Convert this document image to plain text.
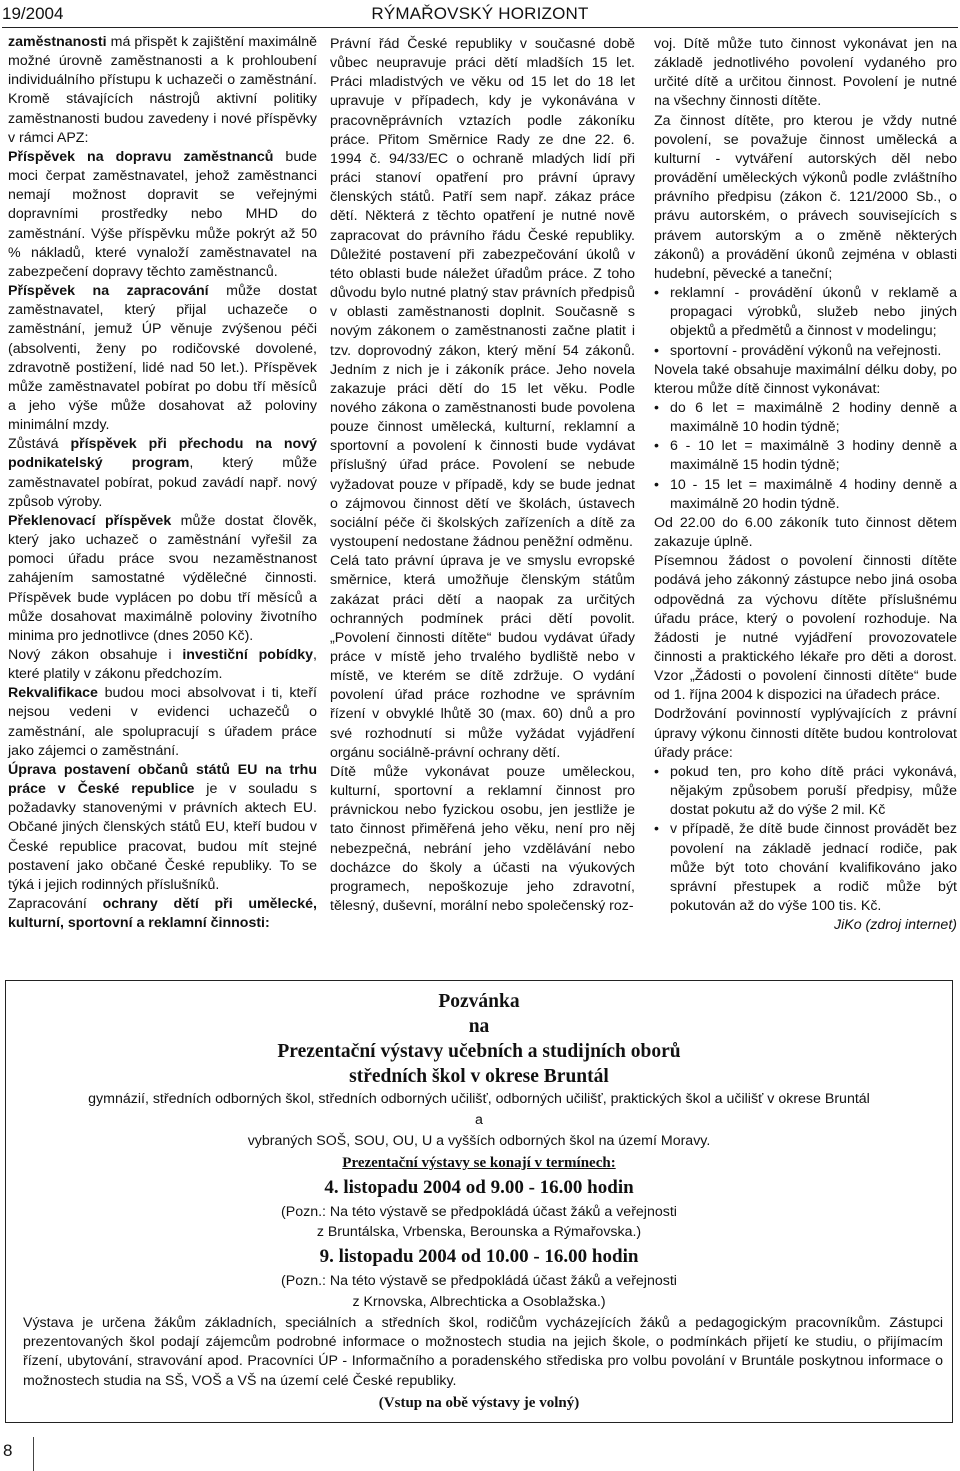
19/2004	RÝMAŘOVSKÝ HORIZONT

zaměstnanosti má přispět k zajištění maximálně možné úrovně zaměstnanosti a k prohloubení individuálního přístupu k uchazeči o zaměstnání. Kromě stávajících nástrojů aktivní politiky zaměstnanosti budou zavedeny i nové příspěvky v rámci APZ:

Příspěvek na dopravu zaměstnanců bude moci čerpat zaměstnavatel, jehož zaměstnanci nemají možnost dopravit se veřejnými dopravními prostředky nebo MHD do zaměstnání. Výše příspěvku může pokrýt až 50 % nákladů, které vynaloží zaměstnavatel na zabezpečení dopravy těchto zaměstnanců.

Příspěvek na zapracování může dostat zaměstnavatel, který přijal uchazeče o zaměstnání, jemuž ÚP věnuje zvýšenou péči (absolventi, ženy po rodičovské dovolené, zdravotně postižení, lidé nad 50 let.). Příspěvek může zaměstnavatel pobírat po dobu tří měsíců a jeho výše může dosahovat až poloviny minimální mzdy.

Zůstává příspěvek při přechodu na nový podnikatelský program, který může zaměstnavatel pobírat, pokud zavádí např. nový způsob výroby.

Překlenovací příspěvek může dostat člověk, který jako uchazeč o zaměstnání vyřešil za pomoci úřadu práce svou nezaměstnanost zahájením samostatné výdělečné činnosti. Příspěvek bude vyplácen po dobu tří měsíců a může dosahovat maximálně poloviny životního minima pro jednotlivce (dnes 2050 Kč).

Nový zákon obsahuje i investiční pobídky, které platily v zákonu předchozím.

Rekvalifikace budou moci absolvovat i ti, kteří nejsou vedeni v evidenci uchazečů o zaměstnání, ale spolupracují s úřadem práce jako zájemci o zaměstnání.

Úprava postavení občanů států EU na trhu práce v České republice je v souladu s požadavky stanovenými v právních aktech EU. Občané jiných členských států EU, kteří budou v České republice pracovat, budou mít stejné postavení jako občané České republiky. To se týká i jejich rodinných příslušníků.

Zapracování ochrany dětí při umělecké, kulturní, sportovní a reklamní činnosti:

Právní řád České republiky v současné době vůbec neupravuje práci dětí mladších 15 let. Práci mladistvých ve věku od 15 let do 18 let upravuje v případech, kdy je vykonávána v pracovněprávních vztazích podle zákoníku práce. Přitom Směrnice Rady ze dne 22. 6. 1994 č. 94/33/EC o ochraně mladých lidí při práci stanoví opatření pro právní úpravy členských států. Patří sem např. zákaz práce dětí. Některá z těchto opatření je nutné nově zapracovat do právního řádu České republiky. Důležité postavení při zabezpečování úkolů v této oblasti bude náležet úřadům práce. Z toho důvodu bylo nutné platný stav právních předpisů v oblasti zaměstnanosti doplnit. Současně s novým zákonem o zaměstnanosti začne platit i tzv. doprovodný zákon, který mění 54 zákonů. Jedním z nich je i zákoník práce. Jeho novela zakazuje práci dětí do 15 let věku. Podle nového zákona o zaměstnanosti bude povolena pouze činnost umělecká, kulturní, reklamní a sportovní a povolení k činnosti bude vydávat příslušný úřad práce. Povolení se nebude vyžadovat pouze v případě, kdy se bude jednat o zájmovou činnost dětí ve školách, ústavech sociální péče či školských zařízeních a dítě za vystoupení nedostane žádnou peněžní odměnu.

Celá tato právní úprava je ve smyslu evropské směrnice, která umožňuje členským státům zakázat práci dětí a naopak za určitých ochranných podmínek práci dětí povolit. „Povolení činnosti dítěte“ budou vydávat úřady práce v místě jeho trvalého bydliště nebo v místě, ve kterém se dítě zdržuje. O vydání povolení úřad práce rozhodne ve správním řízení v obvyklé lhůtě 30 (max. 60) dnů a pro své rozhodnutí si může vyžádat vyjádření orgánu sociálně-právní ochrany dětí.

Dítě může vykonávat pouze uměleckou, kulturní, sportovní a reklamní činnost pro právnickou nebo fyzickou osobu, jen jestliže je tato činnost přiměřená jeho věku, není pro něj nebezpečná, nebrání jeho vzdělávání nebo docházce do školy a účasti na výukových programech, nepoškozuje jeho zdravotní, tělesný, duševní, morální nebo společenský roz-

voj. Dítě může tuto činnost vykonávat jen na základě jednotlivého povolení vydaného pro určité dítě a určitou činnost. Povolení je nutné na všechny činnosti dítěte.

Za činnost dítěte, pro kterou je vždy nutné povolení, se považuje činnost umělecká a kulturní - vytváření autorských děl nebo provádění uměleckých výkonů podle zvláštního právního předpisu (zákon č. 121/2000 Sb., o právu autorském, o právech souvisejících s právem autorským a o změně některých zákonů) a provádění úkonů zejména v oblasti hudební, pěvecké a taneční;

• reklamní - provádění úkonů v reklamě a propagaci výrobků, služeb nebo jiných objektů a předmětů a činnost v modelingu;
• sportovní - provádění výkonů na veřejnosti.

Novela také obsahuje maximální délku doby, po kterou může dítě činnost vykonávat:

• do 6 let = maximálně 2 hodiny denně a maximálně 10 hodin týdně;
• 6 - 10 let = maximálně 3 hodiny denně a maximálně 15 hodin týdně;
• 10 - 15 let = maximálně 4 hodiny denně a maximálně 20 hodin týdně.

Od 22.00 do 6.00 zákoník tuto činnost dětem zakazuje úplně.

Písemnou žádost o povolení činnosti dítěte podává jeho zákonný zástupce nebo jiná osoba odpovědná za výchovu dítěte příslušnému úřadu práce, který o povolení rozhoduje. Na žádosti je nutné vyjádření provozovatele činnosti a praktického lékaře pro děti a dorost. Vzor „Žádosti o povolení činnosti dítěte“ bude od 1. října 2004 k dispozici na úřadech práce.

Dodržování povinností vyplývajících z právní úpravy výkonu činnosti dítěte budou kontrolovat úřady práce:

• pokud ten, pro koho dítě práci vykonává, nějakým způsobem poruší předpisy, může dostat pokutu až do výše 2 mil. Kč
• v případě, že dítě bude činnost provádět bez povolení na základě jednací rodiče, pak může být toto chování kvalifikováno jako správní přestupek a rodič může být pokutován až do výše 100 tis. Kč.
JiKo (zdroj internet)
Pozvánka
na
Prezentační výstavy učebních a studijních oborů
středních škol v okrese Bruntál
gymnázií, středních odborných škol, středních odborných učilišť, odborných učilišť, praktických škol a učilišť v okrese Bruntál
a
vybraných SOŠ, SOU, OU, U a vyšších odborných škol na území Moravy.
Prezentační výstavy se konají v termínech:
4. listopadu 2004 od 9.00 - 16.00 hodin
(Pozn.: Na této výstavě se předpokládá účast žáků a veřejnosti
z Bruntálska, Vrbenska, Berounska a Rýmařovska.)
9. listopadu 2004 od 10.00 - 16.00 hodin
(Pozn.: Na této výstavě se předpokládá účast žáků a veřejnosti
z Krnovska, Albrechticka a Osoblažska.)
Výstava je určena žákům základních, speciálních a středních škol, rodičům vycházejících žáků a pedagogickým pracovníkům. Zástupci prezentovaných škol podají zájemcům podrobné informace o možnostech studia na jejich škole, o podmínkách přijetí ke studiu, o přijímacím řízení, ubytování, stravování apod. Pracovníci ÚP - Informačního a poradenského střediska pro volbu povolání v Bruntále poskytnou informace o možnostech studia na SŠ, VOŠ a VŠ na území celé České republiky.
(Vstup na obě výstavy je volný)
8
